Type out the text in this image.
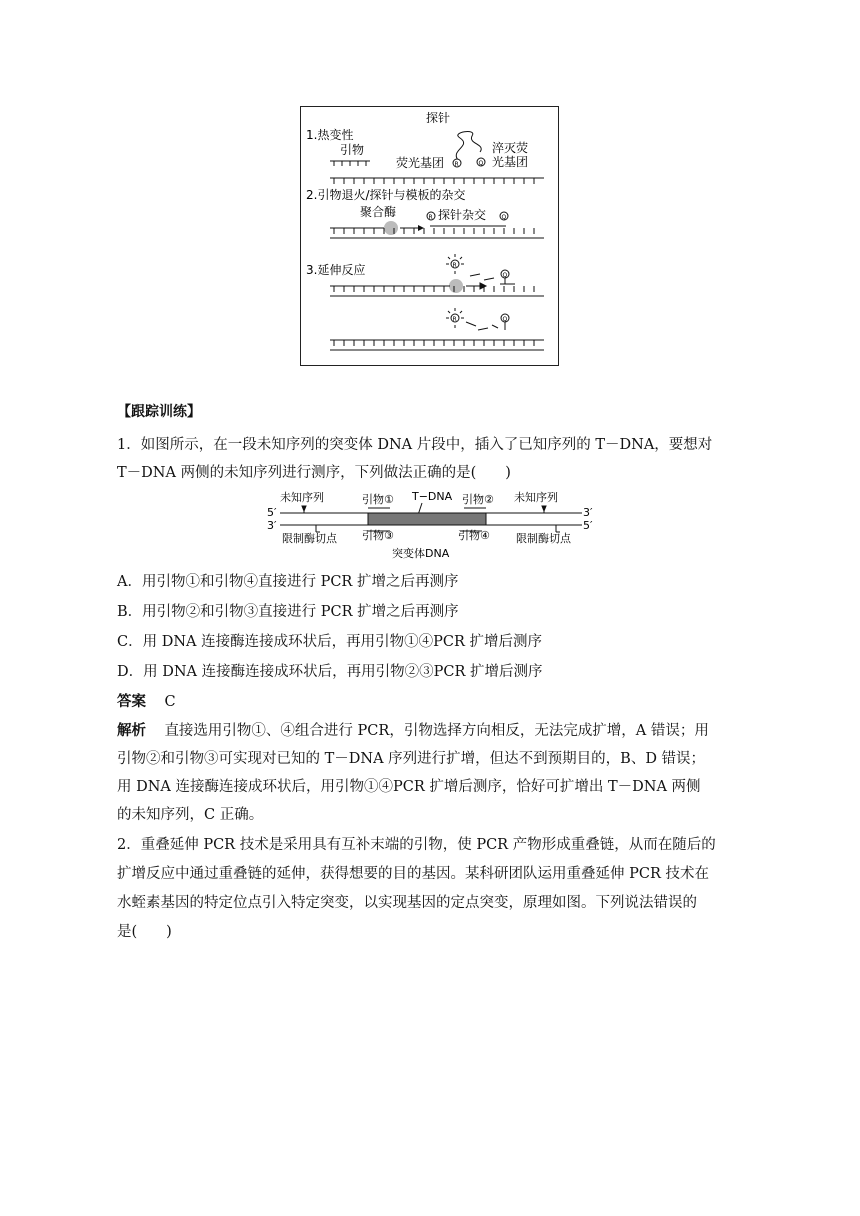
1.热变性
探针
引物
荧光基团
淬灭荧
光基团
R	Q
2.引物退火/探针与模板的杂交
聚合酶	R 探针杂交	Q
3.延伸反应	R
Q
R	Q
【跟踪训练】
1．如图所示，在一段未知序列的突变体 DNA 片段中，插入了已知序列的 T－DNA，要想对
T－DNA 两侧的未知序列进行测序，下列做法正确的是(　　)
未知序列	引物① T−DNA 引物② 未知序列
5′
3′
3′
5′
限制酶切点 引物③	引物④ 限制酶切点
突变体DNA
A．用引物①和引物④直接进行 PCR 扩增之后再测序
B．用引物②和引物③直接进行 PCR 扩增之后再测序
C．用 DNA 连接酶连接成环状后，再用引物①④PCR 扩增后测序
D．用 DNA 连接酶连接成环状后，再用引物②③PCR 扩增后测序
答案 C
解析 直接选用引物①、④组合进行 PCR，引物选择方向相反，无法完成扩增，A 错误；用
引物②和引物③可实现对已知的 T－DNA 序列进行扩增，但达不到预期目的，B、D 错误；
用 DNA 连接酶连接成环状后，用引物①④PCR 扩增后测序，恰好可扩增出 T－DNA 两侧
的未知序列，C 正确。
2．重叠延伸 PCR 技术是采用具有互补末端的引物，使 PCR 产物形成重叠链，从而在随后的
扩增反应中通过重叠链的延伸，获得想要的目的基因。某科研团队运用重叠延伸 PCR 技术在
水蛭素基因的特定位点引入特定突变，以实现基因的定点突变，原理如图。下列说法错误的
是(　　)
